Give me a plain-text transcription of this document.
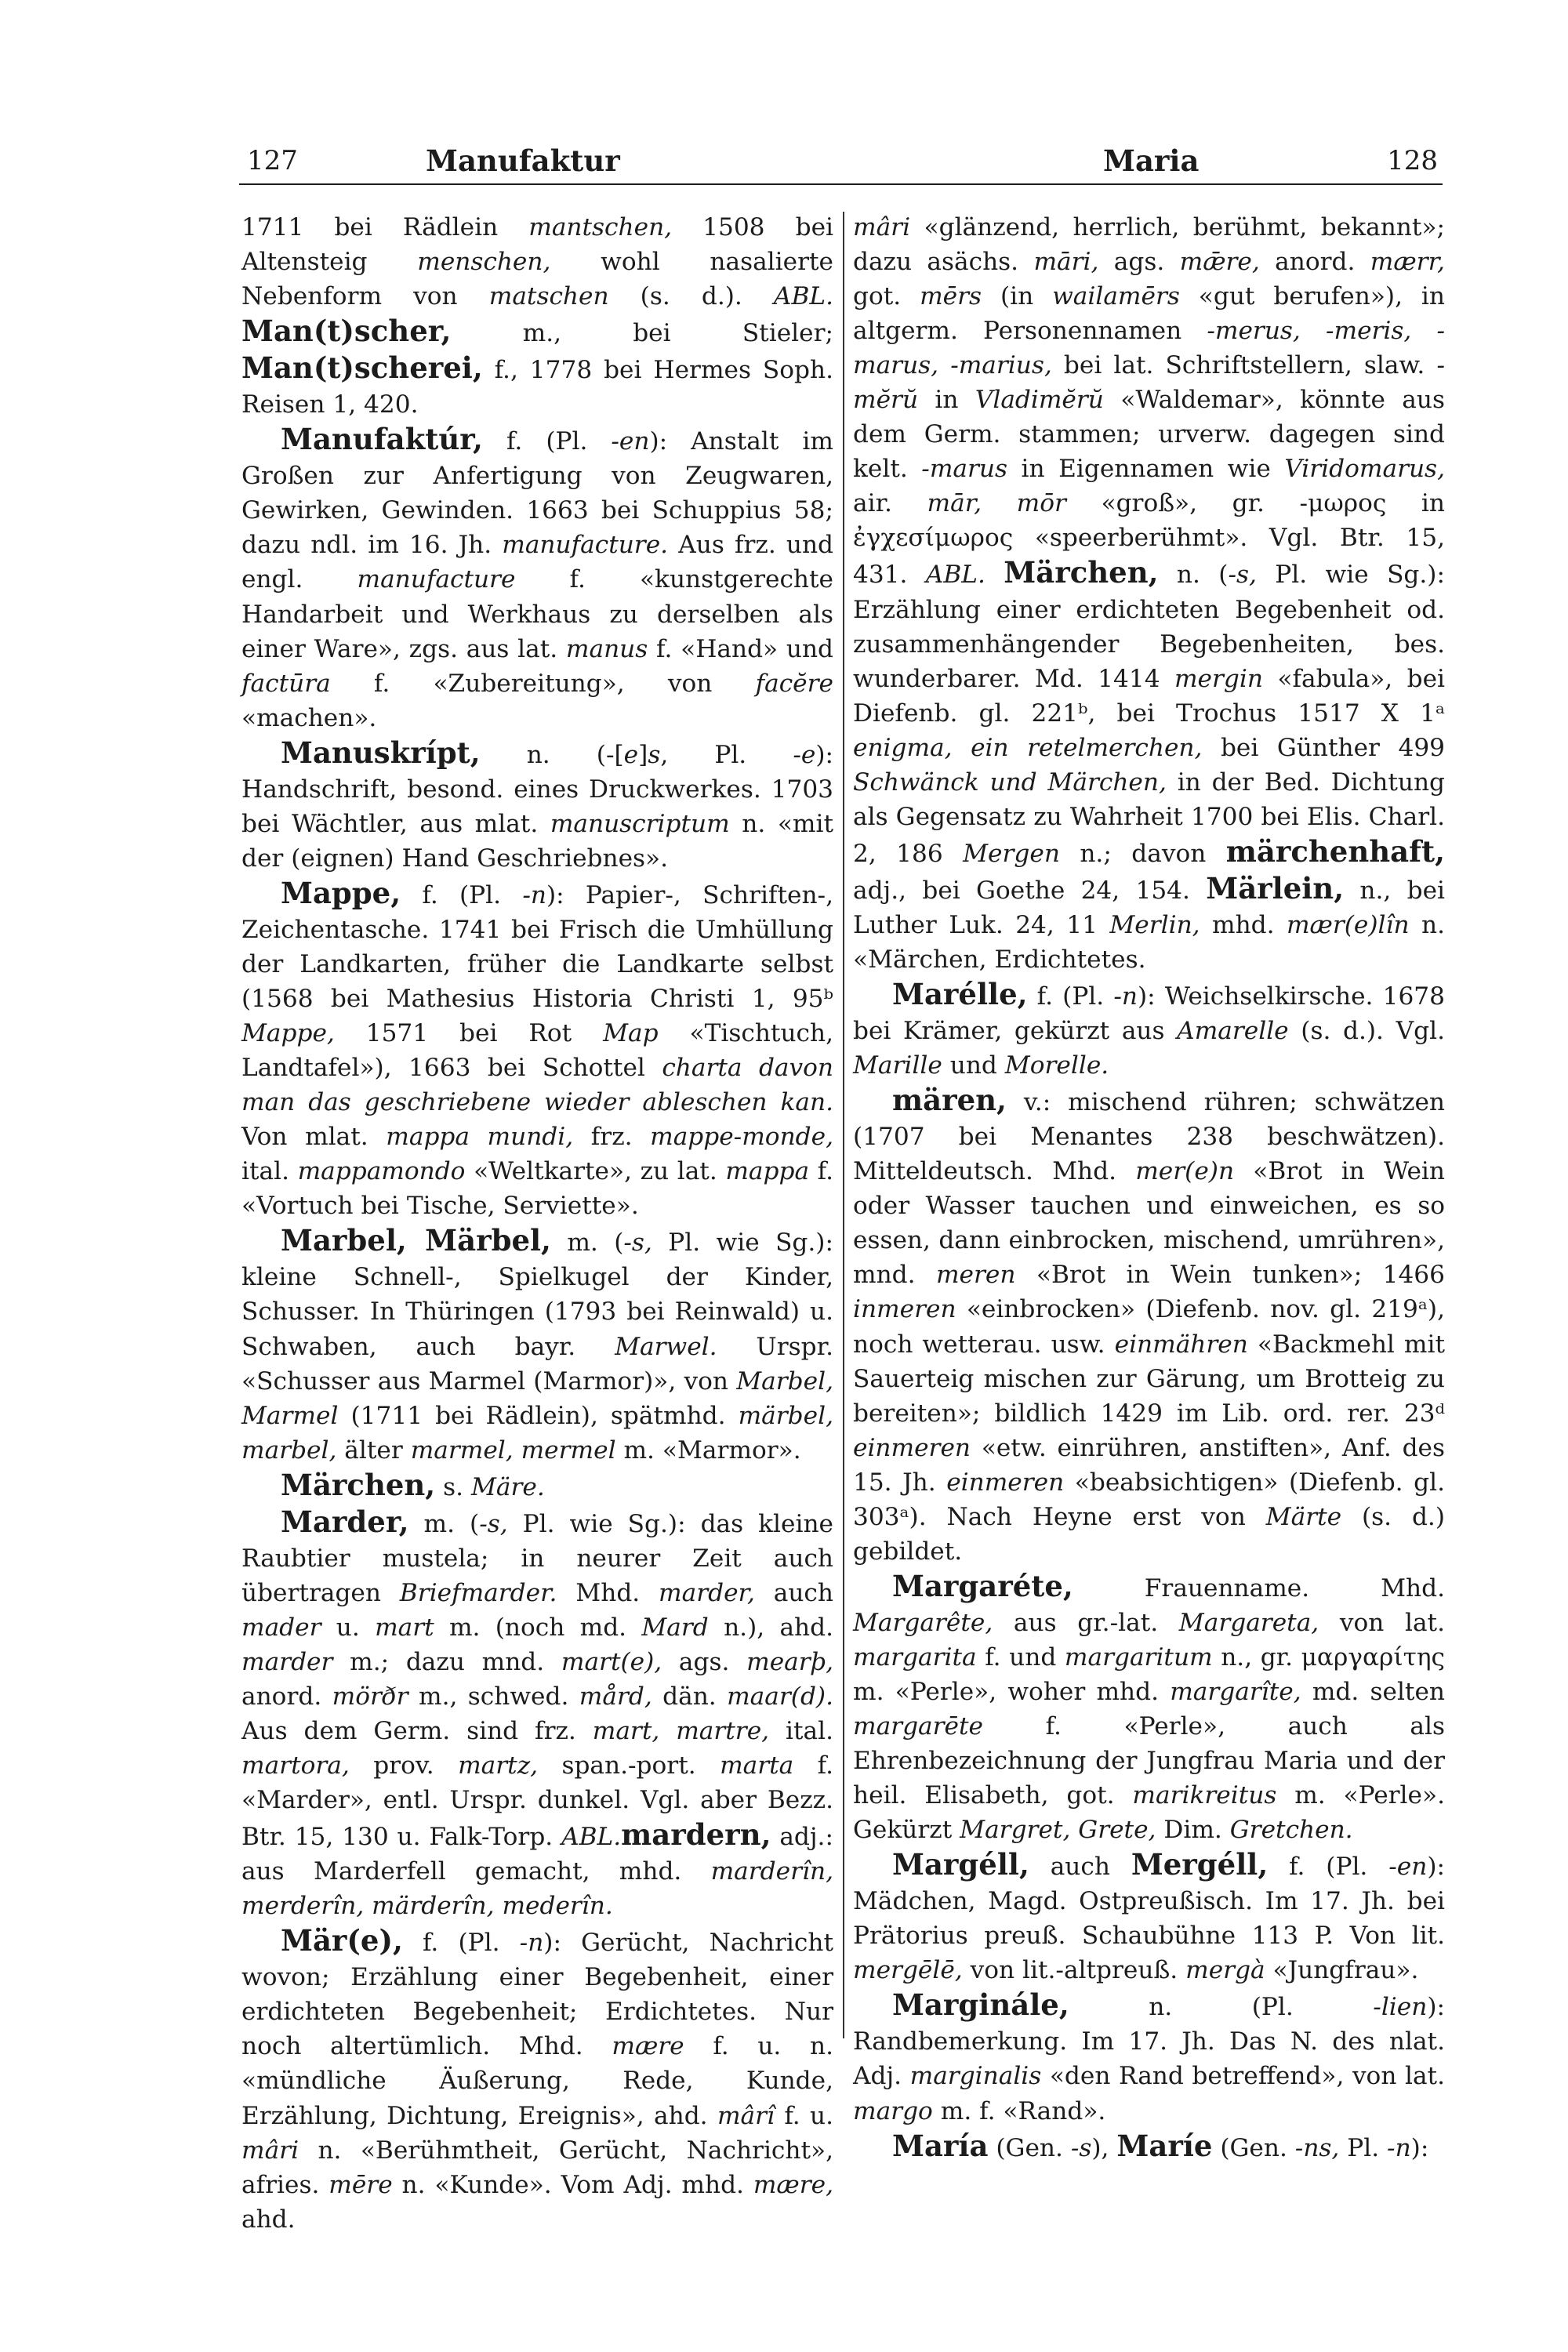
127	Manufaktur	Maria	128

1711 bei Rädlein mantschen, 1508 bei Altensteig menschen, wohl nasalierte Nebenform von matschen (s. d.). ABL. Man(t)scher, m., bei Stieler; Man(t)scherei, f., 1778 bei Hermes Soph. Reisen 1, 420.

Manufaktúr, f. (Pl. -en): Anstalt im Großen zur Anfertigung von Zeugwaren, Gewirken, Gewinden. 1663 bei Schuppius 58; dazu ndl. im 16. Jh. manufacture. Aus frz. und engl. manufacture f. «kunstgerechte Handarbeit und Werkhaus zu derselben als einer Ware», zgs. aus lat. manus f. «Hand» und factūra f. «Zubereitung», von facĕre «machen».

Manuskrípt, n. (-[e]s, Pl. -e): Handschrift, besond. eines Druckwerkes. 1703 bei Wächtler, aus mlat. manuscriptum n. «mit der (eignen) Hand Geschriebnes».

Mappe, f. (Pl. -n): Papier-, Schriften-, Zeichentasche. 1741 bei Frisch die Umhüllung der Landkarten, früher die Landkarte selbst (1568 bei Mathesius Historia Christi 1, 95ᵇ Mappe, 1571 bei Rot Map «Tischtuch, Landtafel»), 1663 bei Schottel charta davon man das geschriebene wieder ableschen kan. Von mlat. mappa mundi, frz. mappe-monde, ital. mappamondo «Weltkarte», zu lat. mappa f. «Vortuch bei Tische, Serviette».

Marbel, Märbel, m. (-s, Pl. wie Sg.): kleine Schnell-, Spielkugel der Kinder, Schusser. In Thüringen (1793 bei Reinwald) u. Schwaben, auch bayr. Marwel. Urspr. «Schusser aus Marmel (Marmor)», von Marbel, Marmel (1711 bei Rädlein), spätmhd. märbel, marbel, älter marmel, mermel m. «Marmor».

Märchen, s. Märe.

Marder, m. (-s, Pl. wie Sg.): das kleine Raubtier mustela; in neurer Zeit auch übertragen Briefmarder. Mhd. marder, auch mader u. mart m. (noch md. Mard n.), ahd. marder m.; dazu mnd. mart(e), ags. mearþ, anord. mörðr m., schwed. mård, dän. maar(d). Aus dem Germ. sind frz. mart, martre, ital. martora, prov. martz, span.-port. marta f. «Marder», entl. Urspr. dunkel. Vgl. aber Bezz. Btr. 15, 130 u. Falk-Torp. ABL.mardern, adj.: aus Marderfell gemacht, mhd. marderîn, merderîn, märderîn, mederîn.

Mär(e), f. (Pl. -n): Gerücht, Nachricht wovon; Erzählung einer Begebenheit, einer erdichteten Begebenheit; Erdichtetes. Nur noch altertümlich. Mhd. mære f. u. n. «mündliche Äußerung, Rede, Kunde, Erzählung, Dichtung, Ereignis», ahd. mârî f. u. mâri n. «Berühmtheit, Gerücht, Nachricht», afries. mēre n. «Kunde». Vom Adj. mhd. mære, ahd.

mâri «glänzend, herrlich, berühmt, bekannt»; dazu asächs. māri, ags. mǣre, anord. mærr, got. mērs (in wailamērs «gut berufen»), in altgerm. Personennamen -merus, -meris, -marus, -marius, bei lat. Schriftstellern, slaw. -mĕrŭ in Vladimĕrŭ «Waldemar», könnte aus dem Germ. stammen; urverw. dagegen sind kelt. -marus in Eigennamen wie Viridomarus, air. mār, mōr «groß», gr. -μωρος in ἐγχεσίμωρος «speerberühmt». Vgl. Btr. 15, 431. ABL. Märchen, n. (-s, Pl. wie Sg.): Erzählung einer erdichteten Begebenheit od. zusammenhängender Begebenheiten, bes. wunderbarer. Md. 1414 mergin «fabula», bei Diefenb. gl. 221ᵇ, bei Trochus 1517 X 1ᵃ enigma, ein retelmerchen, bei Günther 499 Schwänck und Märchen, in der Bed. Dichtung als Gegensatz zu Wahrheit 1700 bei Elis. Charl. 2, 186 Mergen n.; davon märchenhaft, adj., bei Goethe 24, 154. Märlein, n., bei Luther Luk. 24, 11 Merlin, mhd. mær(e)lîn n. «Märchen, Erdichtetes.

Marélle, f. (Pl. -n): Weichselkirsche. 1678 bei Krämer, gekürzt aus Amarelle (s. d.). Vgl. Marille und Morelle.

mären, v.: mischend rühren; schwätzen (1707 bei Menantes 238 beschwätzen). Mitteldeutsch. Mhd. mer(e)n «Brot in Wein oder Wasser tauchen und einweichen, es so essen, dann einbrocken, mischend, umrühren», mnd. meren «Brot in Wein tunken»; 1466 inmeren «einbrocken» (Diefenb. nov. gl. 219ᵃ), noch wetterau. usw. einmähren «Backmehl mit Sauerteig mischen zur Gärung, um Brotteig zu bereiten»; bildlich 1429 im Lib. ord. rer. 23ᵈ einmeren «etw. einrühren, anstiften», Anf. des 15. Jh. einmeren «beabsichtigen» (Diefenb. gl. 303ᵃ). Nach Heyne erst von Märte (s. d.) gebildet.

Margaréte, Frauenname. Mhd. Margarête, aus gr.-lat. Margareta, von lat. margarita f. und margaritum n., gr. μαργαρίτης m. «Perle», woher mhd. margarîte, md. selten margarēte f. «Perle», auch als Ehrenbezeichnung der Jungfrau Maria und der heil. Elisabeth, got. marikreitus m. «Perle». Gekürzt Margret, Grete, Dim. Gretchen.

Margéll, auch Mergéll, f. (Pl. -en): Mädchen, Magd. Ostpreußisch. Im 17. Jh. bei Prätorius preuß. Schaubühne 113 P. Von lit. mergēlē, von lit.-altpreuß. mergà «Jungfrau».

Marginále, n. (Pl. -lien): Randbemerkung. Im 17. Jh. Das N. des nlat. Adj. marginalis «den Rand betreffend», von lat. margo m. f. «Rand».

María (Gen. -s), Maríe (Gen. -ns, Pl. -n):
